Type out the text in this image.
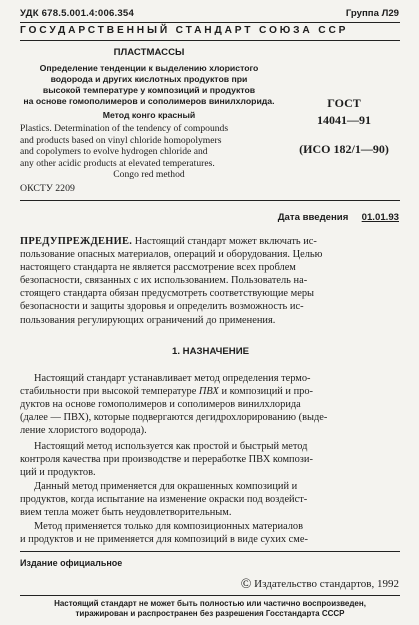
УДК 678.5.001.4:006.354	Группа Л29
ГОСУДАРСТВЕННЫЙ СТАНДАРТ СОЮЗА ССР
ПЛАСТМАССЫ
Определение тенденции к выделению хлористого
водорода и других кислотных продуктов при
высокой температуре у композиций и продуктов
на основе гомополимеров и сополимеров винилхлорида.
Метод конго красный
Plastics. Determination of the tendency of compounds
and products based on vinyl chloride homopolymers
and copolymers to evolve hydrogen chloride and
any other acidic products at elevated temperatures.
Congo red method
ОКСТУ 2209
ГОСТ
14041—91
(ИСО 182/1—90)
Дата введения 01.01.93
ПРЕДУПРЕЖДЕНИЕ. Настоящий стандарт может включать ис-
пользование опасных материалов, операций и оборудования. Целью
настоящего стандарта не является рассмотрение всех проблем
безопасности, связанных с их использованием. Пользователь на-
стоящего стандарта обязан предусмотреть соответствующие меры
безопасности и защиты здоровья и определить возможность ис-
пользования регулирующих ограничений до применения.
1. НАЗНАЧЕНИЕ
Настоящий стандарт устанавливает метод определения термо-
стабильности при высокой температуре ПВХ и композиций и про-
дуктов на основе гомополимеров и сополимеров винилхлорида
(далее — ПВХ), которые подвергаются дегидрохлорированию (выде-
ление хлористого водорода).
Настоящий метод используется как простой и быстрый метод
контроля качества при производстве и переработке ПВХ компози-
ций и продуктов.
Данный метод применяется для окрашенных композиций и
продуктов, когда испытание на изменение окраски под воздейст-
вием тепла может быть неудовлетворительным.
Метод применяется только для композиционных материалов
и продуктов и не применяется для композиций в виде сухих сме-
Издание официальное
© Издательство стандартов, 1992
Настоящий стандарт не может быть полностью или частично воспроизведен,
тиражирован и распространен без разрешения Госстандарта СССР
